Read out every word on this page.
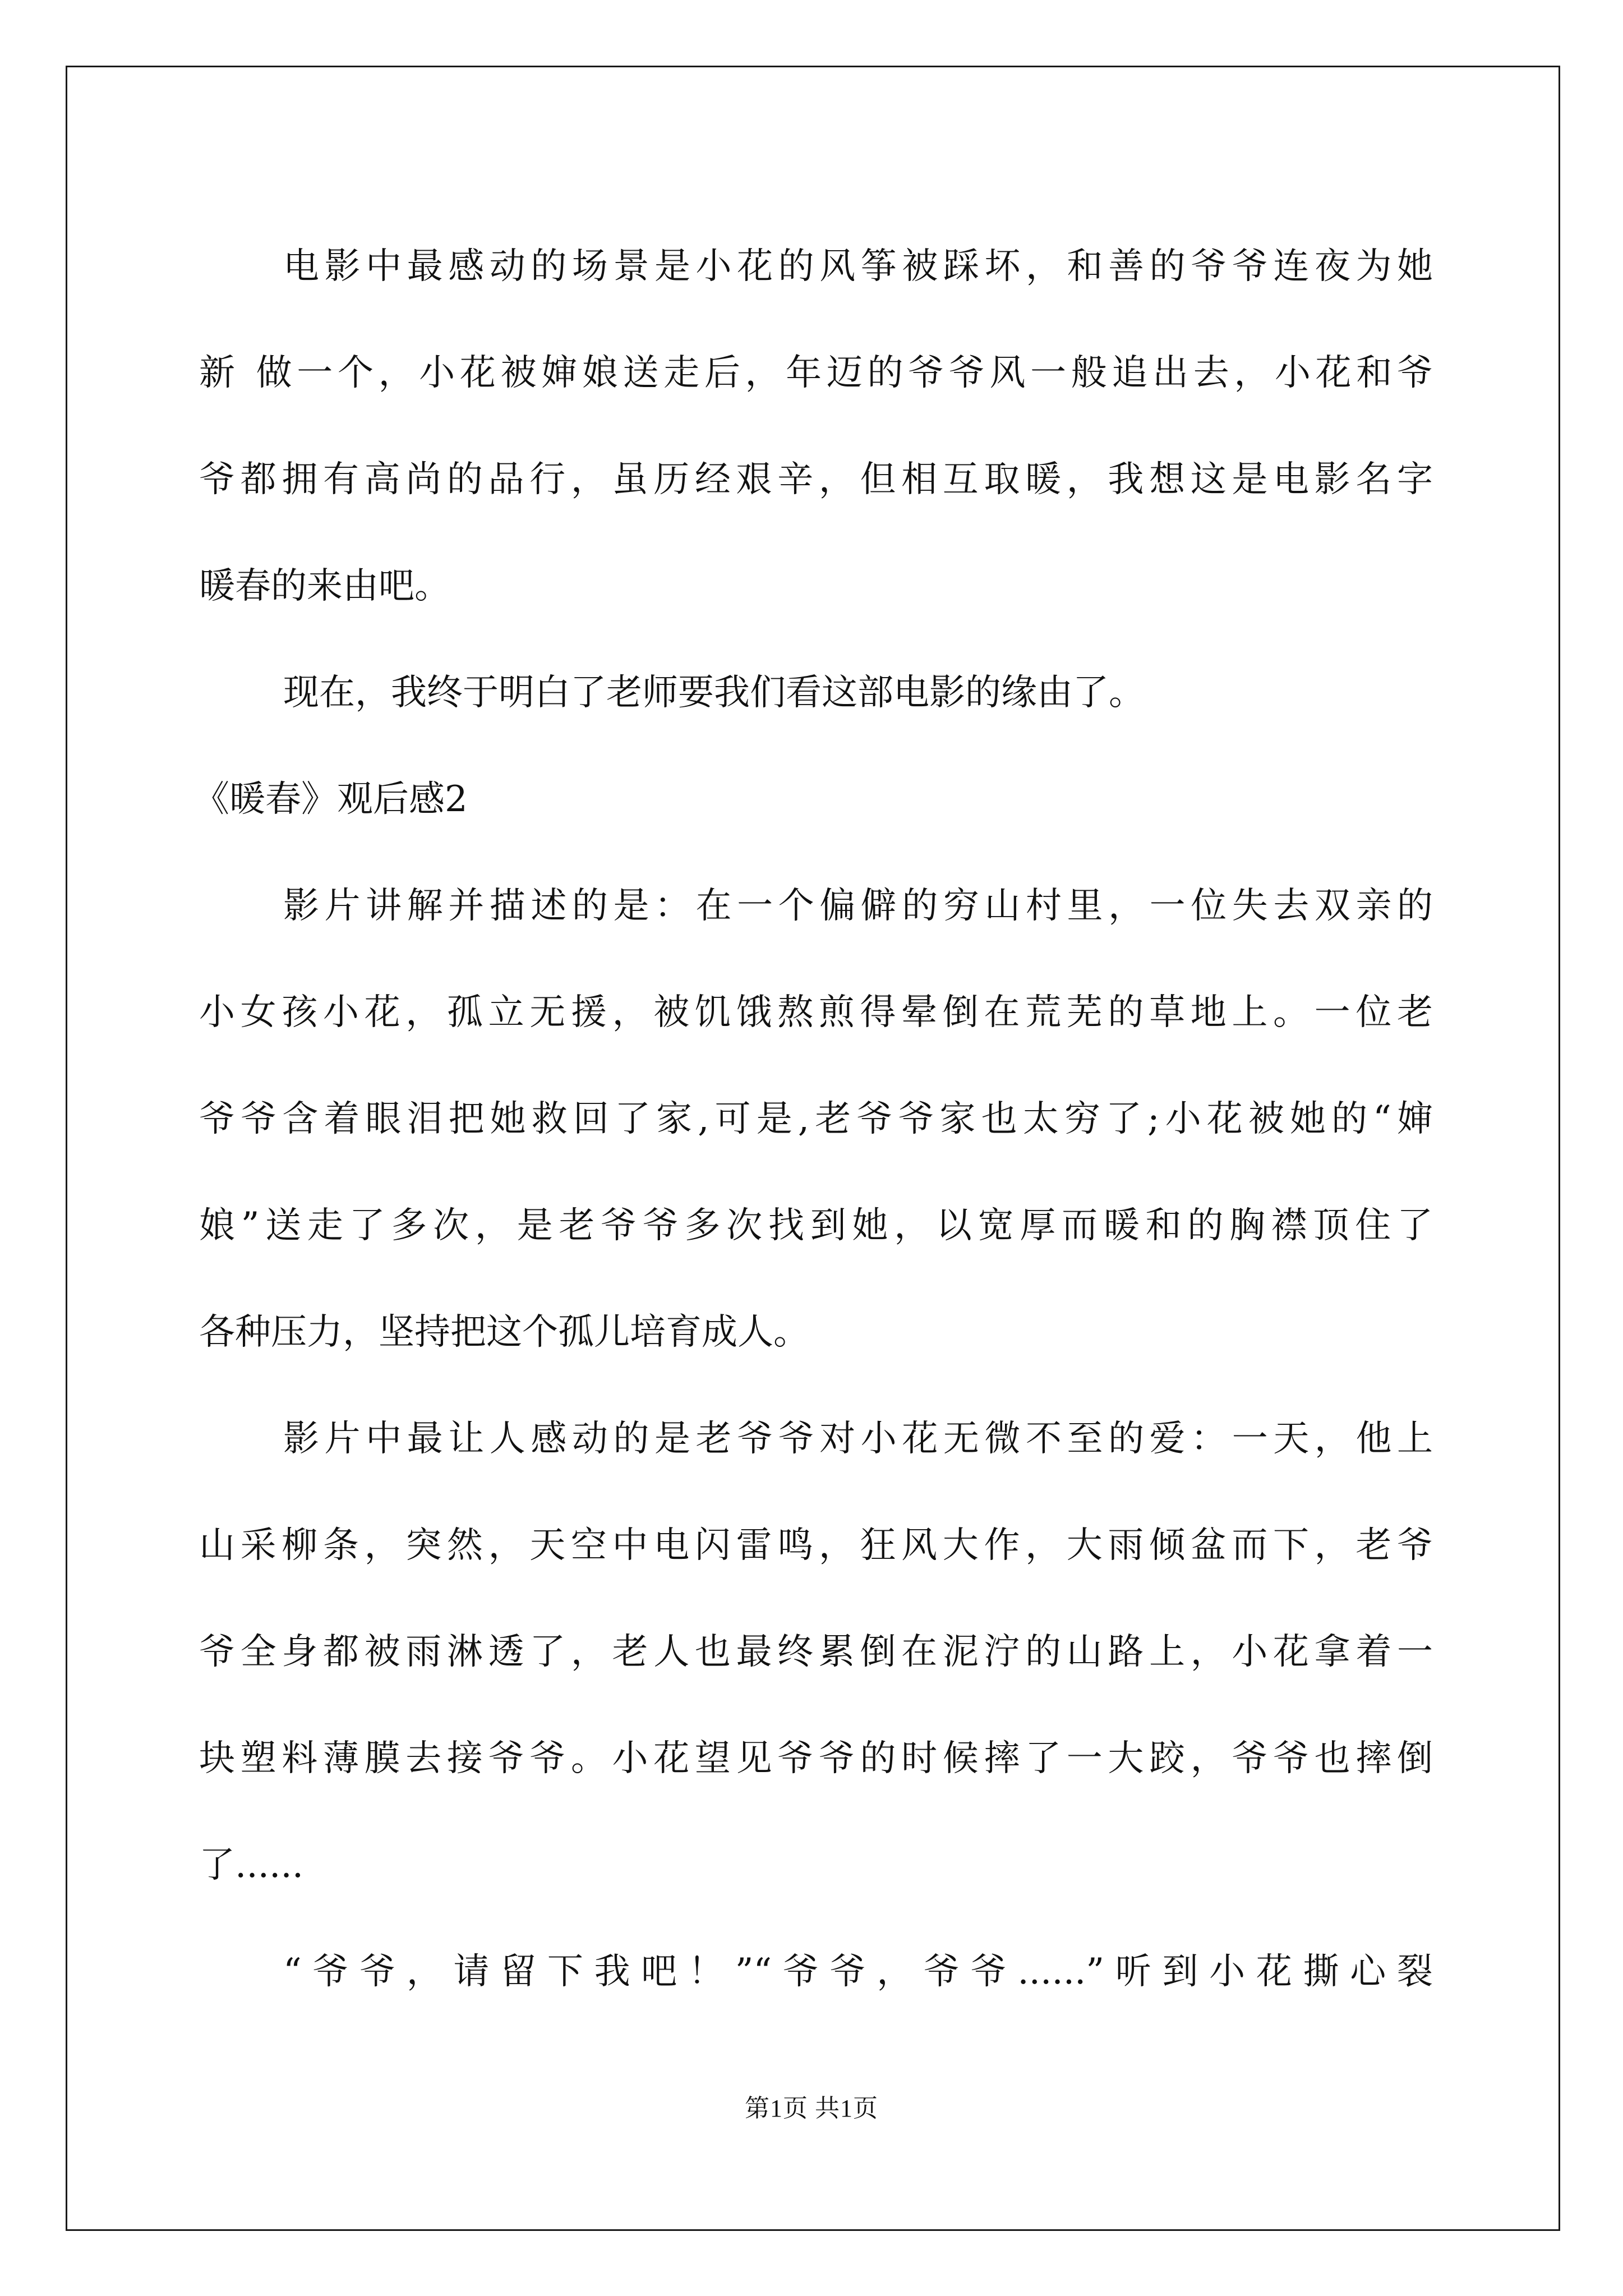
电影中最感动的场景是小花的风筝被踩坏，和善的爷爷连夜为她
新 做一个，小花被婶娘送走后，年迈的爷爷风一般追出去，小花和爷
爷都拥有高尚的品行，虽历经艰辛，但相互取暖，我想这是电影名字
暖春的来由吧。
现在，我终于明白了老师要我们看这部电影的缘由了。
《暖春》观后感2
影片讲解并描述的是：在一个偏僻的穷山村里，一位失去双亲的
小女孩小花，孤立无援，被饥饿熬煎得晕倒在荒芜的草地上。一位老
爷爷含着眼泪把她救回了家,可是,老爷爷家也太穷了;小花被她的“婶
娘”送走了多次，是老爷爷多次找到她，以宽厚而暖和的胸襟顶住了
各种压力，坚持把这个孤儿培育成人。
影片中最让人感动的是老爷爷对小花无微不至的爱：一天，他上
山采柳条，突然，天空中电闪雷鸣，狂风大作，大雨倾盆而下，老爷
爷全身都被雨淋透了，老人也最终累倒在泥泞的山路上，小花拿着一
块塑料薄膜去接爷爷。小花望见爷爷的时候摔了一大跤，爷爷也摔倒
了......
“爷爷，请留下我吧！”“爷爷，爷爷......”听到小花撕心裂
第1页 共1页
